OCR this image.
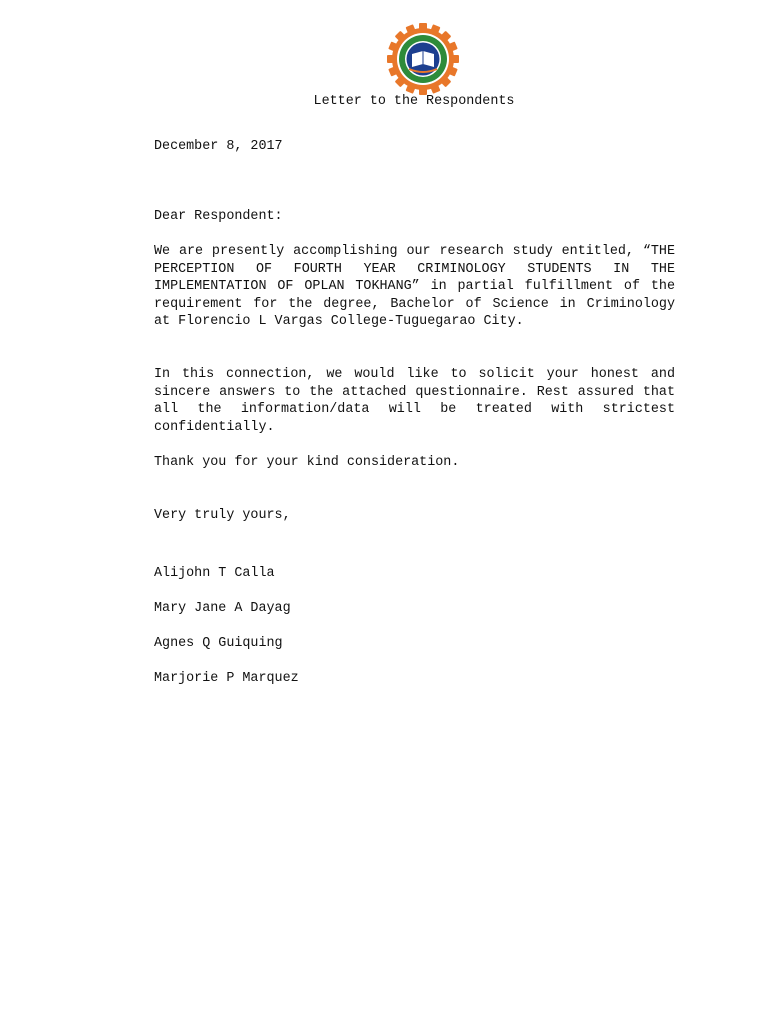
Letter to the Respondents
December 8, 2017
Dear Respondent:
We are presently accomplishing our research study entitled, “THE PERCEPTION OF FOURTH YEAR CRIMINOLOGY STUDENTS IN THE IMPLEMENTATION OF OPLAN TOKHANG” in partial fulfillment of the requirement for the degree, Bachelor of Science in Criminology at Florencio L Vargas College-Tuguegarao City.
In this connection, we would like to solicit your honest and sincere answers to the attached questionnaire. Rest assured that all the information/data will be treated with strictest confidentially.
Thank you for your kind consideration.
Very truly yours,
Alijohn T Calla
Mary Jane A Dayag
Agnes Q Guiquing
Marjorie P Marquez
